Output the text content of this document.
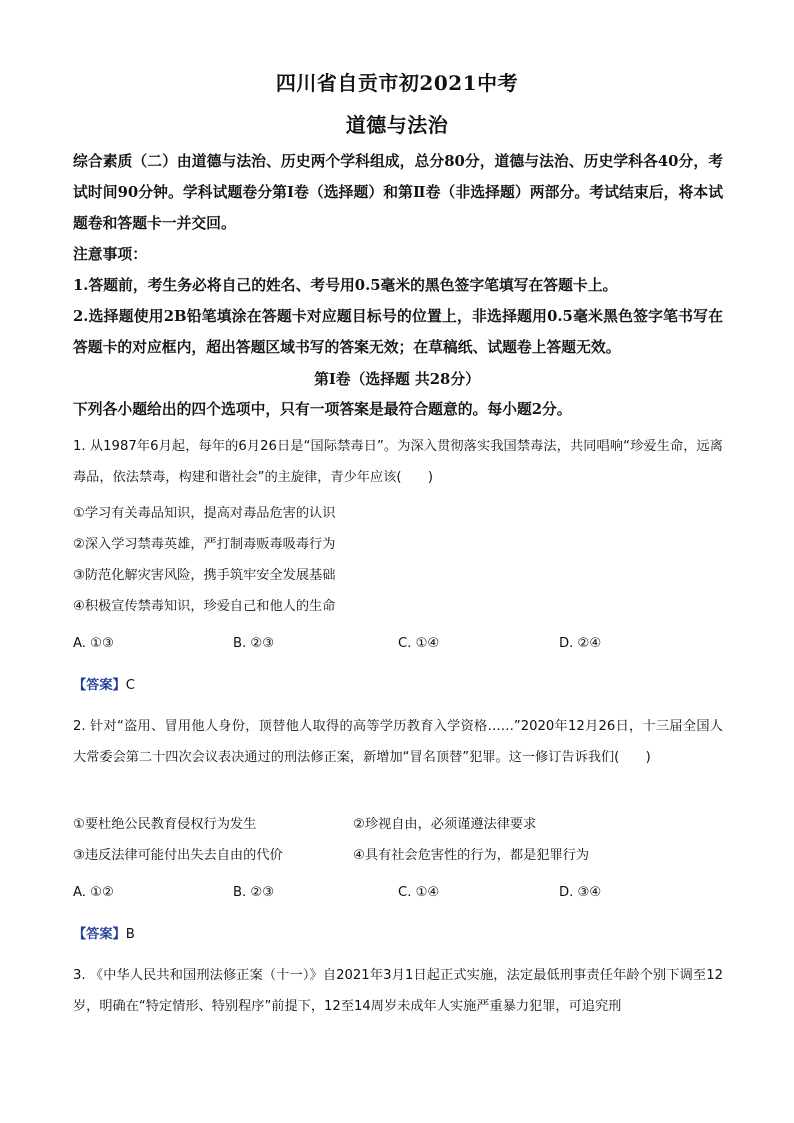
四川省自贡市初2021中考
道德与法治

综合素质（二）由道德与法治、历史两个学科组成，总分80分，道德与法治、历史学科各40分，考试时间90分钟。学科试题卷分第Ⅰ卷（选择题）和第Ⅱ卷（非选择题）两部分。考试结束后，将本试题卷和答题卡一并交回。

注意事项：

1.答题前，考生务必将自己的姓名、考号用0.5毫米的黑色签字笔填写在答题卡上。

2.选择题使用2B铅笔填涂在答题卡对应题目标号的位置上，非选择题用0.5毫米黑色签字笔书写在答题卡的对应框内，超出答题区域书写的答案无效；在草稿纸、试题卷上答题无效。

第Ⅰ卷（选择题 共28分）
下列各小题给出的四个选项中，只有一项答案是最符合题意的。每小题2分。

1. 从1987年6月起，每年的6月26日是“国际禁毒日”。为深入贯彻落实我国禁毒法，共同唱响“珍爱生命，远离毒品，依法禁毒，构建和谐社会”的主旋律，青少年应该(　　)

①学习有关毒品知识，提高对毒品危害的认识
②深入学习禁毒英雄，严打制毒贩毒吸毒行为
③防范化解灾害风险，携手筑牢安全发展基础
④积极宣传禁毒知识，珍爱自己和他人的生命
A. ①③	B. ②③	C. ①④	D. ②④
【答案】C

2. 针对“盗用、冒用他人身份，顶替他人取得的高等学历教育入学资格……”2020年12月26日，十三届全国人大常委会第二十四次会议表决通过的刑法修正案，新增加“冒名顶替”犯罪。这一修订告诉我们(　　)

①要杜绝公民教育侵权行为发生	②珍视自由，必须谨遵法律要求
③违反法律可能付出失去自由的代价	④具有社会危害性的行为，都是犯罪行为
A. ①②	B. ②③	C. ①④	D. ③④
【答案】B

3. 《中华人民共和国刑法修正案（十一）》自2021年3月1日起正式实施，法定最低刑事责任年龄个别下调至12岁，明确在“特定情形、特别程序”前提下，12至14周岁未成年人实施严重暴力犯罪，可追究刑
